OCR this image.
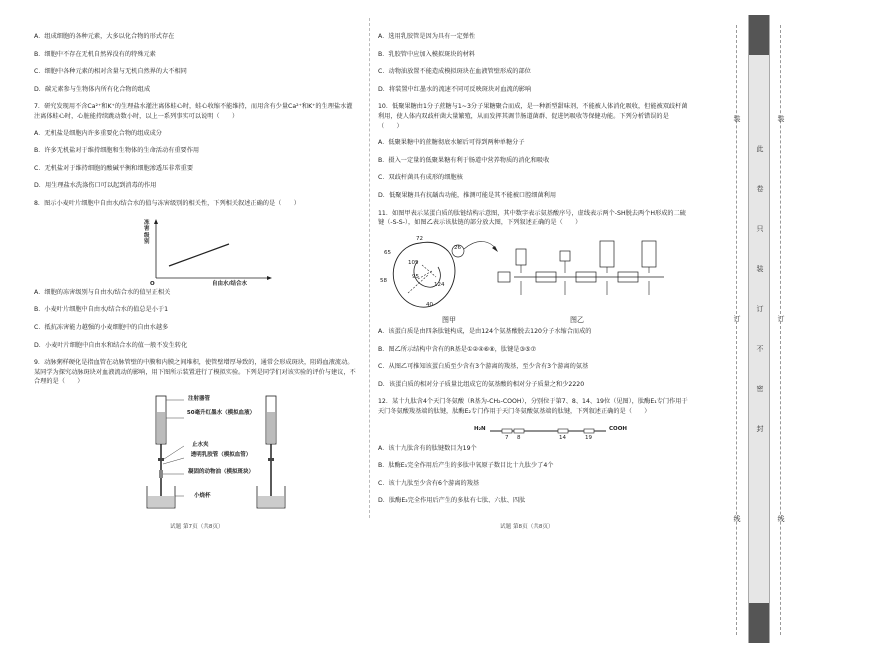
A．组成细胞的各种元素，大多以化合物的形式存在
B．细胞中不存在无机自然界没有的特殊元素
C．细胞中各种元素的相对含量与无机自然界的大不相同
D．碳元素参与生物体内所有化合物的组成

7．研究发现用不含Ca²⁺和K⁺的生理盐水灌注离体蛙心时，蛙心收缩不能维持，而用含有少量Ca²⁺和K⁺的生理盐水灌注离体蛙心时，心脏能持续跳动数小时，以上一系列事实可以说明（　　）

A．无机盐是细胞内许多重要化合物的组成成分
B．许多无机盐对于维持细胞和生物体的生命活动有重要作用
C．无机盐对于维持细胞的酸碱平衡和细胞渗透压非常重要
D．用生理盐水洗涤伤口可以起到消毒的作用

8．图示小麦叶片细胞中自由水/结合水的值与冻害级别的相关性，下列相关叙述正确的是（　　）

冻害级别
O	自由水/结合水
A．细胞的冻害级别与自由水/结合水的值呈正相关
B．小麦叶片细胞中自由水/结合水的值总是小于1
C．抵抗冻害能力越强的小麦细胞中的自由水越多
D．小麦叶片细胞中自由水和结合水的值一般不发生转化

9．动脉粥样硬化是指血管在动脉管壁的中膜和内膜之间堆积，使管壁增厚导致的，通常会形成斑块，阻碍血液流动。某同学为探究动脉斑块对血液流动的影响，用下图所示装置进行了模拟实验。下列是同学们对该实验的评价与建议，不合理的是（　　）

注射器管
50毫升红墨水（模拟血液）
止水夹
透明乳胶管（模拟血管）
凝固的动物油（模拟斑块）
小烧杯
试题 第7页（共8页）
A．选用乳胶管是因为具有一定弹性
B．乳胶管中应加入模拟斑块的材料
C．动物油放置不能造成模拟斑块在血液管壁形成的部位
D．将装置中红墨水的流速不同可反映斑块对血流的影响

10．低聚果糖由1分子蔗糖与1~3分子果糖聚合而成，是一种新型甜味剂，不能被人体消化吸收，但能被双歧杆菌利用，使人体内双歧杆菌大量繁殖，从而发挥其调节肠道菌群、促进钙吸收等保健功能。下列分析错误的是（　　）

A．低聚果糖中的蔗糖彻底水解后可得到两种单糖分子
B．摄入一定量的低聚果糖有利于肠道中营养物质的消化和吸收
C．双歧杆菌具有成形的细胞核
D．低聚果糖具有抗龋齿功能，推测可能是其不能被口腔细菌利用

11．如图甲表示某蛋白质的肽链结构示意图，其中数字表示氨基酸序号，虚线表示两个-SH脱去两个H形成的二硫键（-S-S-），如图乙表示该肽链的部分放大图，下列叙述正确的是（　　）

72
65
105
26
58
95
124
40
图甲	图乙
A．该蛋白质是由四条肽链构成，是由124个氨基酸脱去120分子水缩合而成的
B．图乙所示结构中含有的R基是①②④⑥⑧，肽键是③⑤⑦
C．从图乙可推知该蛋白质至少含有3个游离的羧基，至少含有3个游离的氨基
D．该蛋白质的相对分子质量比组成它的氨基酸的相对分子质量之和少2220

12．某十九肽含4个天门冬氨酸（R基为-CH₂-COOH），分别位于第7、8、14、19位（见图），肽酶E₁专门作用于天门冬氨酸羧基端的肽键，肽酶E₂专门作用于天门冬氨酸氨基端的肽键，下列叙述正确的是（　　）

H₂N	COOH
7 8	14	19
A．该十九肽含有的肽键数目为19个
B．肽酶E₁完全作用后产生的多肽中氧原子数目比十九肽少了4个
C．该十九肽至少含有6个游离的羧基
D．肽酶E₂完全作用后产生的多肽有七肽、六肽、四肽
试题 第8页（共8页）
装
订
线
装
订
线
此
卷
只
装
订
不
密
封
